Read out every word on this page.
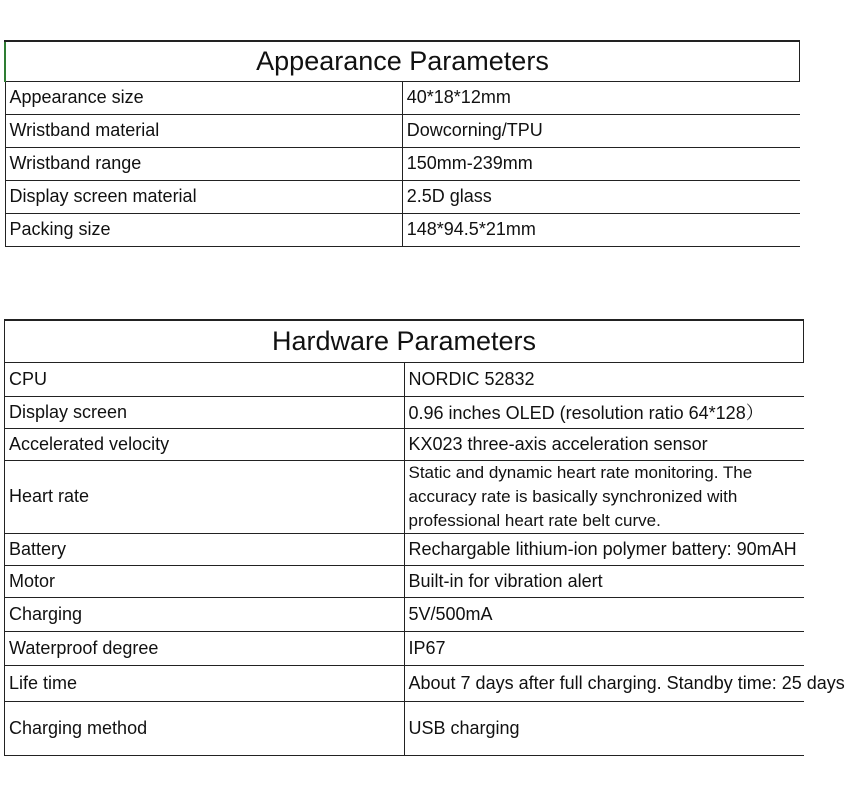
Appearance Parameters	
Appearance size	40*18*12mm
Wristband material	Dowcorning/TPU
Wristband range	150mm-239mm
Display screen material	2.5D glass
Packing size	148*94.5*21mm
Hardware Parameters	
CPU	NORDIC 52832
Display screen	0.96 inches OLED (resolution ratio 64*128）
Accelerated velocity	KX023 three-axis acceleration sensor
Heart rate	Static and dynamic heart rate monitoring. The accuracy rate is basically synchronized with professional heart rate belt curve.
Battery	Rechargable lithium-ion polymer battery: 90mAH
Motor	Built-in for vibration alert
Charging	5V/500mA
Waterproof degree	IP67
Life time	About 7 days after full charging. Standby time: 25 days
Charging method	USB charging
